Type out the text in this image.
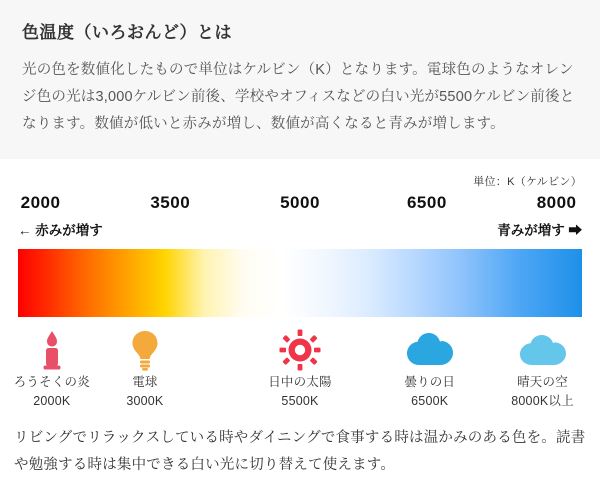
色温度（いろおんど）とは

光の色を数値化したもので単位はケルビン（K）となります。電球色のようなオレンジ色の光は3,000ケルビン前後、学校やオフィスなどの白い光が5500ケルビン前後となります。数値が低いと赤みが増し、数値が高くなると青みが増します。

単位：K（ケルビン）
2000	3500	5000	6500	8000
← 赤みが増す	青みが増す ➡
ろうそくの炎
2000K
電球
3000K
日中の太陽
5500K
曇りの日
6500K
晴天の空
8000K以上

リビングでリラックスしている時やダイニングで食事する時は温かみのある色を。読書や勉強する時は集中できる白い光に切り替えて使えます。
